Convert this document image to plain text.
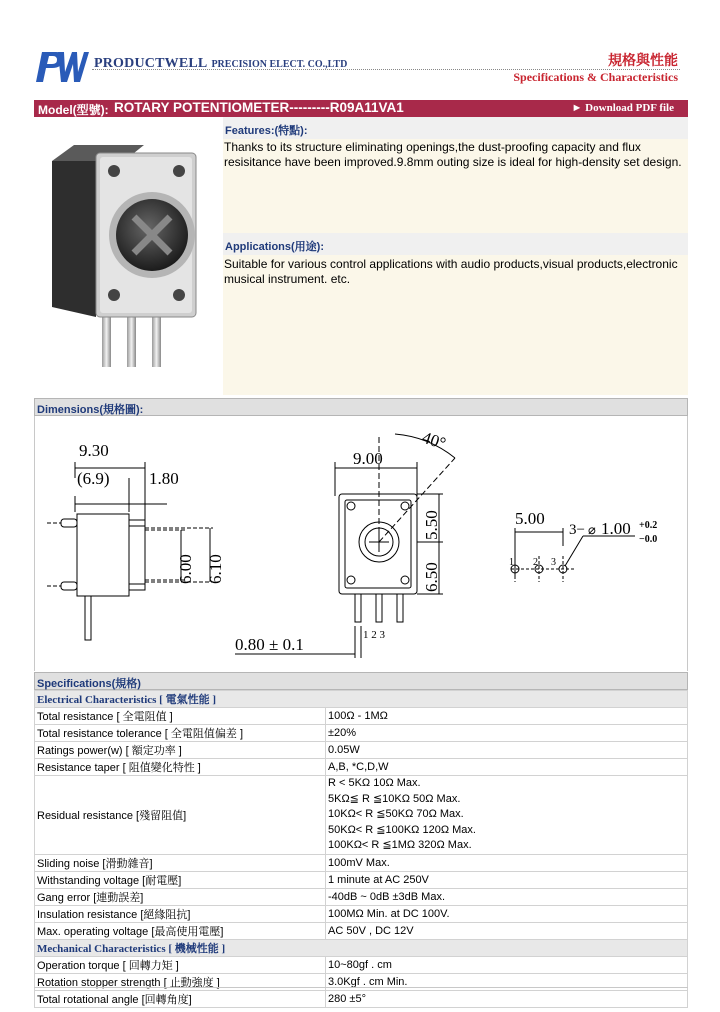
PRODUCTWELL PRECISION ELECT. CO.,LTD	規格與性能
Specifications & Characteristics
Model(型號): ROTARY POTENTIOMETER---------R09A11VA1	► Download PDF file
Features:(特點):
Thanks to its structure eliminating openings,the dust-proofing capacity and flux resisitance have been improved.9.8mm outing size is ideal for high-density set design.
Applications(用途):
Suitable for various control applications with audio products,visual products,electronic musical instrument. etc.
Dimensions(規格圖):
9.30
(6.9) 1.80
6.00 6.10
40°
9.00
5.50
6.50
0.80 ± 0.1	1 2 3
5.00
3− ⌀ 1.00 +0.2
−0.0
1 2 3
Specifications(規格)
Electrical Characteristics [ 電氣性能 ]	
Total resistance [ 全電阻值 ]	100Ω - 1MΩ
Total resistance tolerance [ 全電阻值偏差 ]	±20%
Ratings power(w) [ 額定功率 ]	0.05W
Resistance taper [ 阻值變化特性 ]	A,B, *C,D,W
Residual resistance [殘留阻值]	R < 5KΩ 10Ω Max.
5KΩ≦ R ≦10KΩ 50Ω Max.
10KΩ< R ≦50KΩ 70Ω Max.
50KΩ< R ≦100KΩ 120Ω Max.
100KΩ< R ≦1MΩ 320Ω Max.

Sliding noise [滑動雜音]	100mV Max.
Withstanding voltage [耐電壓]	1 minute at AC 250V
Gang error [連動誤差]	-40dB ~ 0dB ±3dB Max.
Insulation resistance [絕緣阻抗]	100MΩ Min. at DC 100V.
Max. operating voltage [最高使用電壓]	AC 50V , DC 12V
Mechanical Characteristics [ 機械性能 ]	
Operation torque [ 回轉力矩 ]	10~80gf . cm
Rotation stopper strength [ 止動強度 ]	3.0Kgf . cm Min.
Total rotational angle [回轉角度]	280 ±5°
